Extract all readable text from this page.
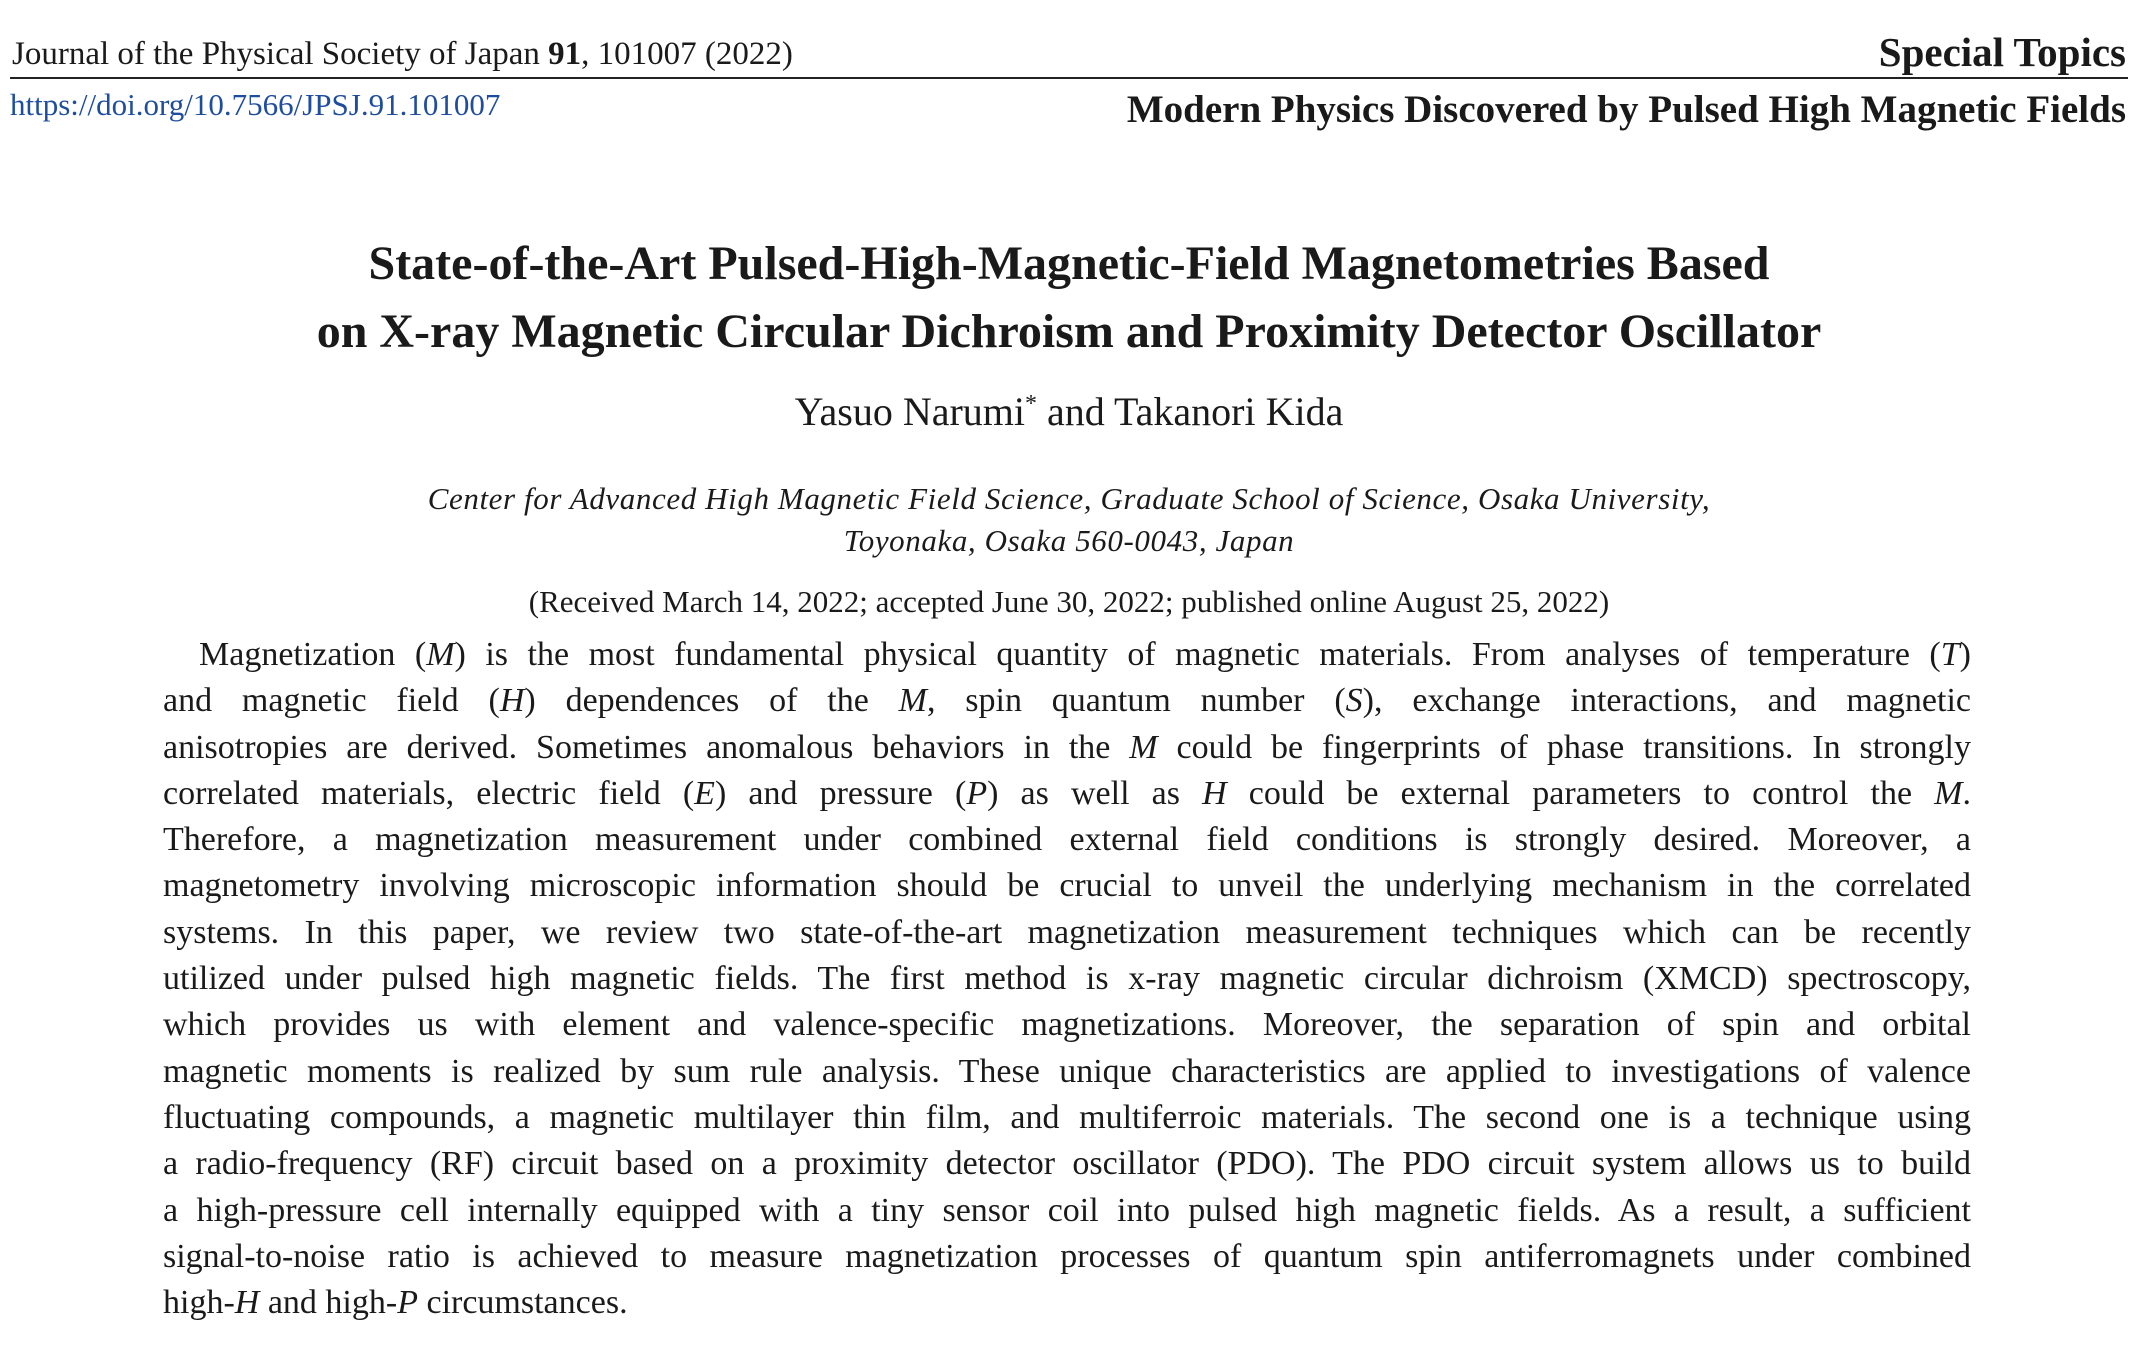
Journal of the Physical Society of Japan 91, 101007 (2022)	Special Topics
https://doi.org/10.7566/JPSJ.91.101007	Modern Physics Discovered by Pulsed High Magnetic Fields
State-of-the-Art Pulsed-High-Magnetic-Field Magnetometries Based
on X-ray Magnetic Circular Dichroism and Proximity Detector Oscillator
Yasuo Narumi* and Takanori Kida
Center for Advanced High Magnetic Field Science, Graduate School of Science, Osaka University,
Toyonaka, Osaka 560-0043, Japan
(Received March 14, 2022; accepted June 30, 2022; published online August 25, 2022)
Magnetization (M) is the most fundamental physical quantity of magnetic materials. From analyses of temperature (T)
and magnetic field (H) dependences of the M, spin quantum number (S), exchange interactions, and magnetic
anisotropies are derived. Sometimes anomalous behaviors in the M could be fingerprints of phase transitions. In strongly
correlated materials, electric field (E) and pressure (P) as well as H could be external parameters to control the M.
Therefore, a magnetization measurement under combined external field conditions is strongly desired. Moreover, a
magnetometry involving microscopic information should be crucial to unveil the underlying mechanism in the correlated
systems. In this paper, we review two state-of-the-art magnetization measurement techniques which can be recently
utilized under pulsed high magnetic fields. The first method is x-ray magnetic circular dichroism (XMCD) spectroscopy,
which provides us with element and valence-specific magnetizations. Moreover, the separation of spin and orbital
magnetic moments is realized by sum rule analysis. These unique characteristics are applied to investigations of valence
fluctuating compounds, a magnetic multilayer thin film, and multiferroic materials. The second one is a technique using
a radio-frequency (RF) circuit based on a proximity detector oscillator (PDO). The PDO circuit system allows us to build
a high-pressure cell internally equipped with a tiny sensor coil into pulsed high magnetic fields. As a result, a sufficient
signal-to-noise ratio is achieved to measure magnetization processes of quantum spin antiferromagnets under combined
high-H and high-P circumstances.
